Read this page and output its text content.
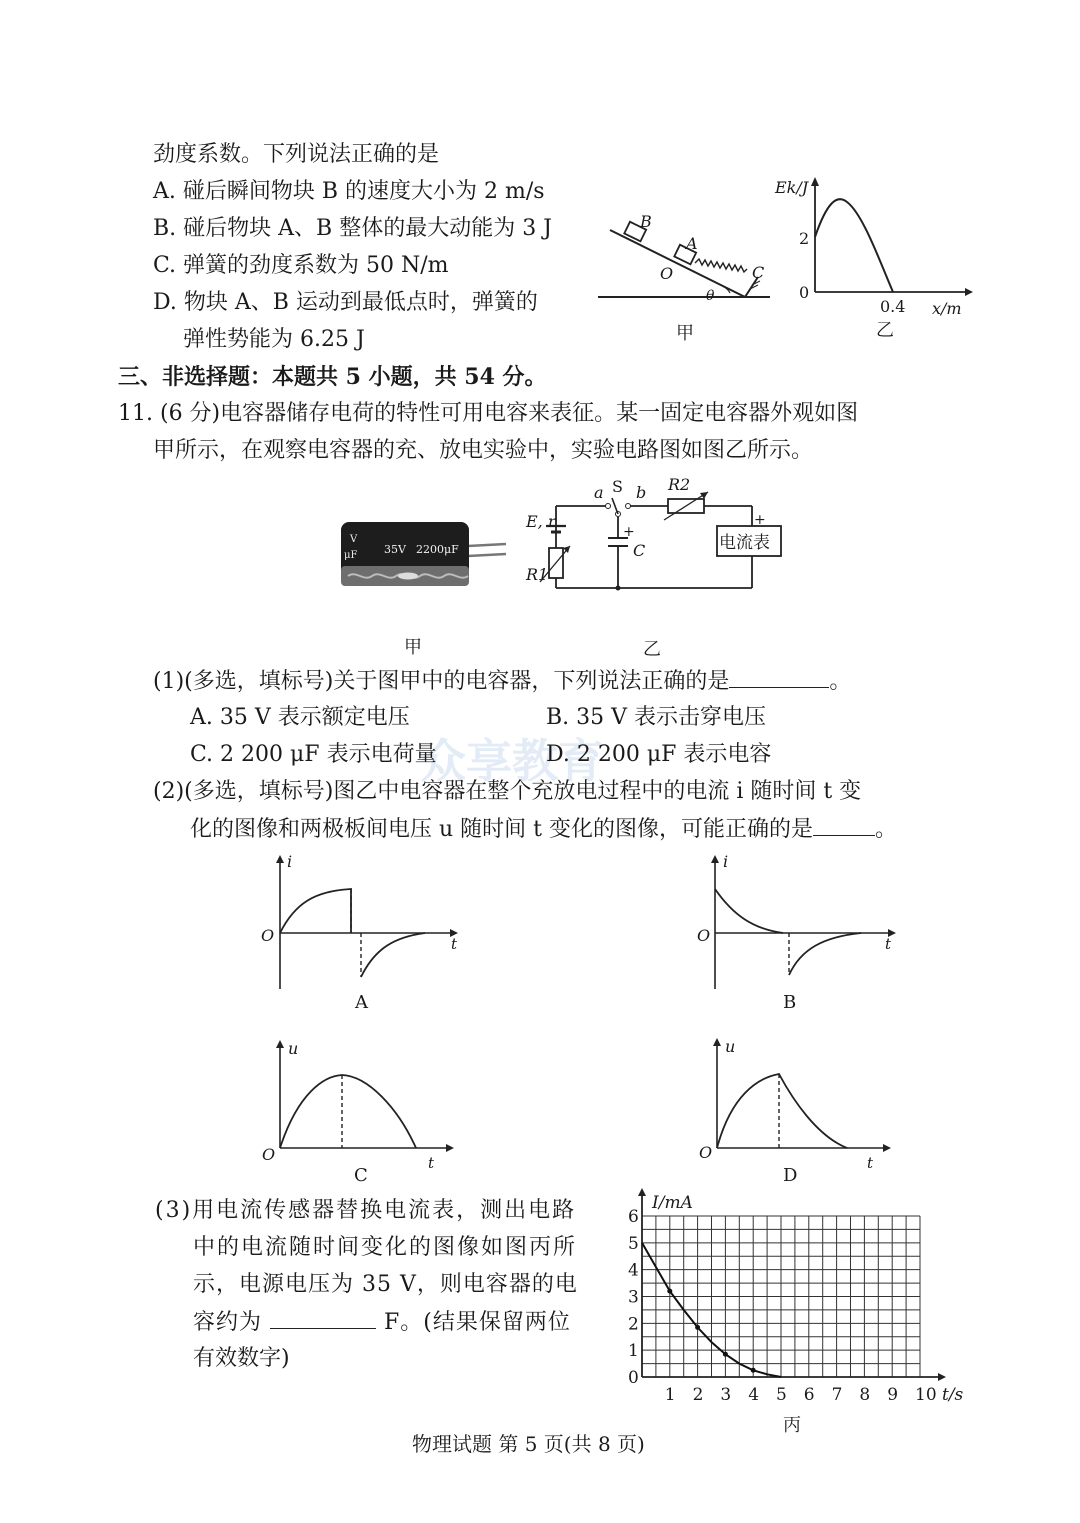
众享教育
劲度系数。下列说法正确的是
A. 碰后瞬间物块 B 的速度大小为 2 m/s
B. 碰后物块 A、B 整体的最大动能为 3 J
C. 弹簧的劲度系数为 50 N/m
D. 物块 A、B 运动到最低点时，弹簧的
弹性势能为 6.25 J
B
A
O	C
θ
甲
Ek/J
2
0
0.4 x/m
乙
三、非选择题：本题共 5 小题，共 54 分。
11. (6 分)电容器储存电荷的特性可用电容来表征。某一固定电容器外观如图
甲所示，在观察电容器的充、放电实验中，实验电路图如图乙所示。
V
μF 35V 2200μF
甲
a S b R2
E, r
+
C
R1
+
电流表
乙
(1)(多选，填标号)关于图甲中的电容器，下列说法正确的是	。
A. 35 V 表示额定电压	B. 35 V 表示击穿电压
C. 2 200 μF 表示电荷量	D. 2 200 μF 表示电容
(2)(多选，填标号)图乙中电容器在整个充放电过程中的电流 i 随时间 t 变
化的图像和两极板间电压 u 随时间 t 变化的图像，可能正确的是	。
i
O	t
A
i
O	t
B
u
O	t
C
u
O
t
D
(3)用电流传感器替换电流表，测出电路
中的电流随时间变化的图像如图丙所
示，电源电压为 35 V，则电容器的电
容约为	F。(结果保留两位
有效数字)
0
1
2
3
4
5
6
1 2 3 4 5 6 7 8 9 10
I/mA
t/s
丙
物理试题 第 5 页(共 8 页)
